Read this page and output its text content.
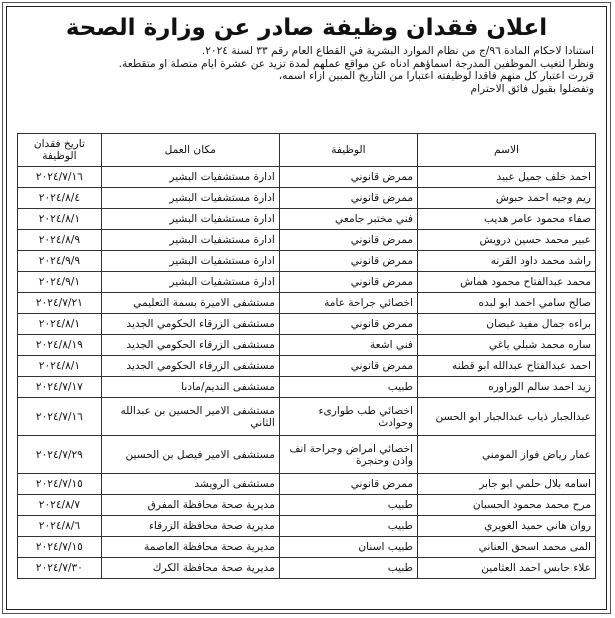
اعلان فقدان وظيفة صادر عن وزارة الصحة

استنادا لاحكام المادة ٩٦/ج من نظام الموارد البشرية في القطاع العام رقم ٣٣ لسنة ٢٠٢٤.

ونظرا لتغيب الموظفين المدرجة اسماؤهم ادناه عن مواقع عملهم لمدة تزيد عن عشرة ايام متصلة او متقطعة.

قررت اعتبار كل منهم فاقدا لوظيفته اعتبارا من التاريخ المبين ازاء اسمه،

وتفضلوا بقبول فائق الاحترام

الاسم	الوظيفة	مكان العمل	تاريخ فقدان الوظيفة
احمد خلف جميل عبيد	ممرض قانوني	ادارة مستشفيات البشير	٢٠٢٤/٧/١٦
ريم وجيه احمد حبوش	ممرض قانوني	ادارة مستشفيات البشير	٢٠٢٤/٨/٤
صفاء محمود عامر هديب	فني مختبر جامعي	ادارة مستشفيات البشير	٢٠٢٤/٨/١
عبير محمد حسين درويش	ممرض قانوني	ادارة مستشفيات البشير	٢٠٢٤/٨/٩
راشد محمد داود القرنه	ممرض قانوني	ادارة مستشفيات البشير	٢٠٢٤/٩/٩
محمد عبدالفتاح محمود هماش	ممرض قانوني	ادارة مستشفيات البشير	٢٠٢٤/٩/١
صالح سامي احمد ابو لبده	اخصائي جراحة عامة	مستشفى الاميرة بسمة التعليمي	٢٠٢٤/٧/٢١
براءه جمال مفيد غبضان	ممرض قانوني	مستشفى الزرقاء الحكومي الجديد	٢٠٢٤/٨/١
ساره محمد شبلي ياغي	فني اشعة	مستشفى الزرقاء الحكومي الجديد	٢٠٢٤/٨/١٩
احمد عبدالفتاح عبدالله ابو قطنه	ممرض قانوني	مستشفى الزرقاء الحكومي الجديد	٢٠٢٤/٨/١
زيد احمد سالم الوراوره	طبيب	مستشفى النديم/مادبا	٢٠٢٤/٧/١٧
عبدالجبار ذياب عبدالجبار ابو الحسن	اخصائي طب طوارىء وحوادث	مستشفى الامير الحسين بن عبدالله الثاني	٢٠٢٤/٧/١٦
عمار رياض فواز المومني	اخصائي امراض وجراحة انف واذن وحنجرة	مستشفى الامير فيصل بن الحسين	٢٠٢٤/٧/٢٩
اسامه بلال حلمي ابو جابر	ممرض قانوني	مستشفى الرويشد	٢٠٢٤/٧/١٥
مرح محمد محمود الحسبان	طبيب	مديرية صحة محافظة المفرق	٢٠٢٤/٨/٧
روان هاني حميد الغويري	طبيب	مديرية صحة محافظة الزرقاء	٢٠٢٤/٨/٦
المى محمد اسحق العناني	طبيب اسنان	مديرية صحة محافظة العاصمة	٢٠٢٤/٧/١٥
علاء حابس احمد العثامين	طبيب	مديرية صحة محافظة الكرك	٢٠٢٤/٧/٣٠
